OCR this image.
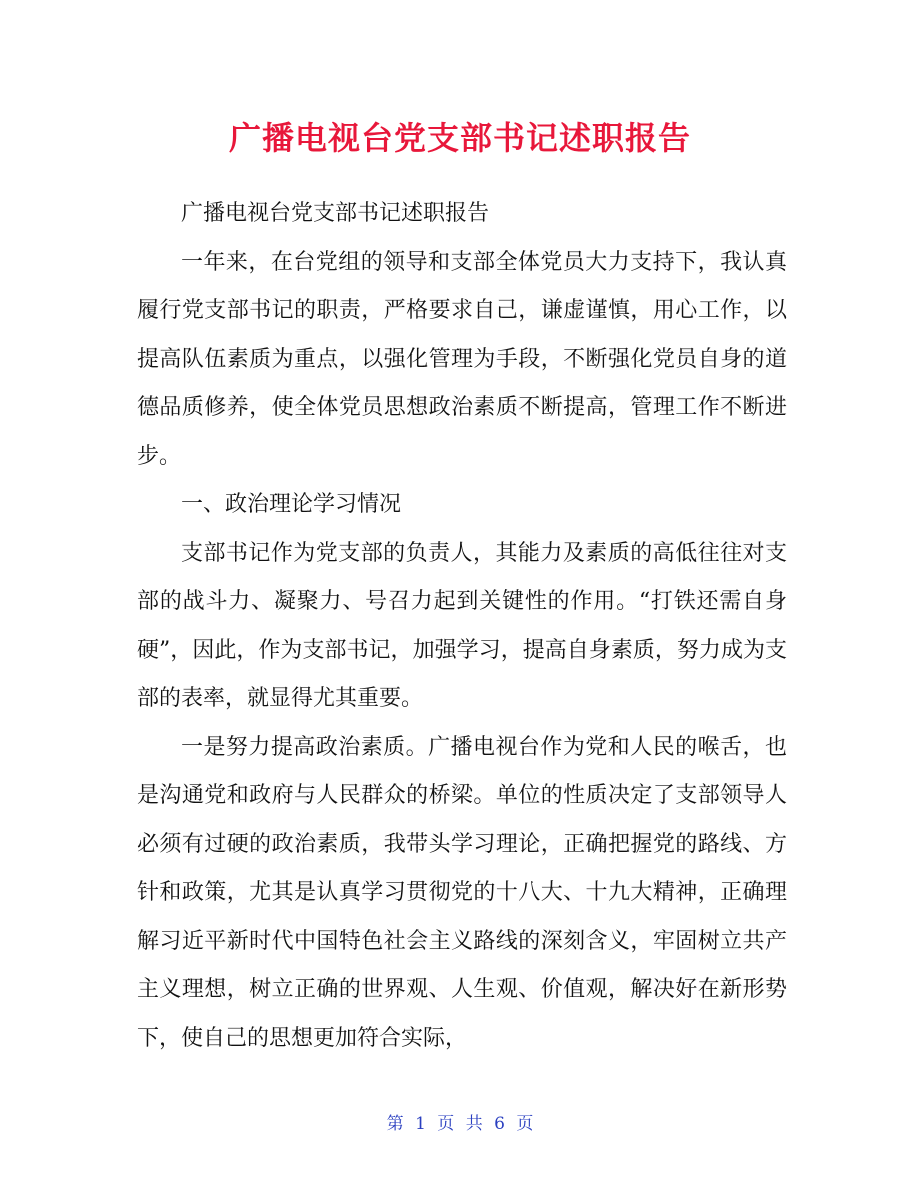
广播电视台党支部书记述职报告

广播电视台党支部书记述职报告

一年来，在台党组的领导和支部全体党员大力支持下，我认真履行党支部书记的职责，严格要求自己，谦虚谨慎，用心工作，以提高队伍素质为重点，以强化管理为手段，不断强化党员自身的道德品质修养，使全体党员思想政治素质不断提高，管理工作不断进步。

一、政治理论学习情况

支部书记作为党支部的负责人，其能力及素质的高低往往对支部的战斗力、凝聚力、号召力起到关键性的作用。“打铁还需自身硬”，因此，作为支部书记，加强学习，提高自身素质，努力成为支部的表率，就显得尤其重要。

一是努力提高政治素质。广播电视台作为党和人民的喉舌，也是沟通党和政府与人民群众的桥梁。单位的性质决定了支部领导人必须有过硬的政治素质，我带头学习理论，正确把握党的路线、方针和政策，尤其是认真学习贯彻党的十八大、十九大精神，正确理解习近平新时代中国特色社会主义路线的深刻含义，牢固树立共产主义理想，树立正确的世界观、人生观、价值观，解决好在新形势下，使自己的思想更加符合实际，

第 1 页 共 6 页
